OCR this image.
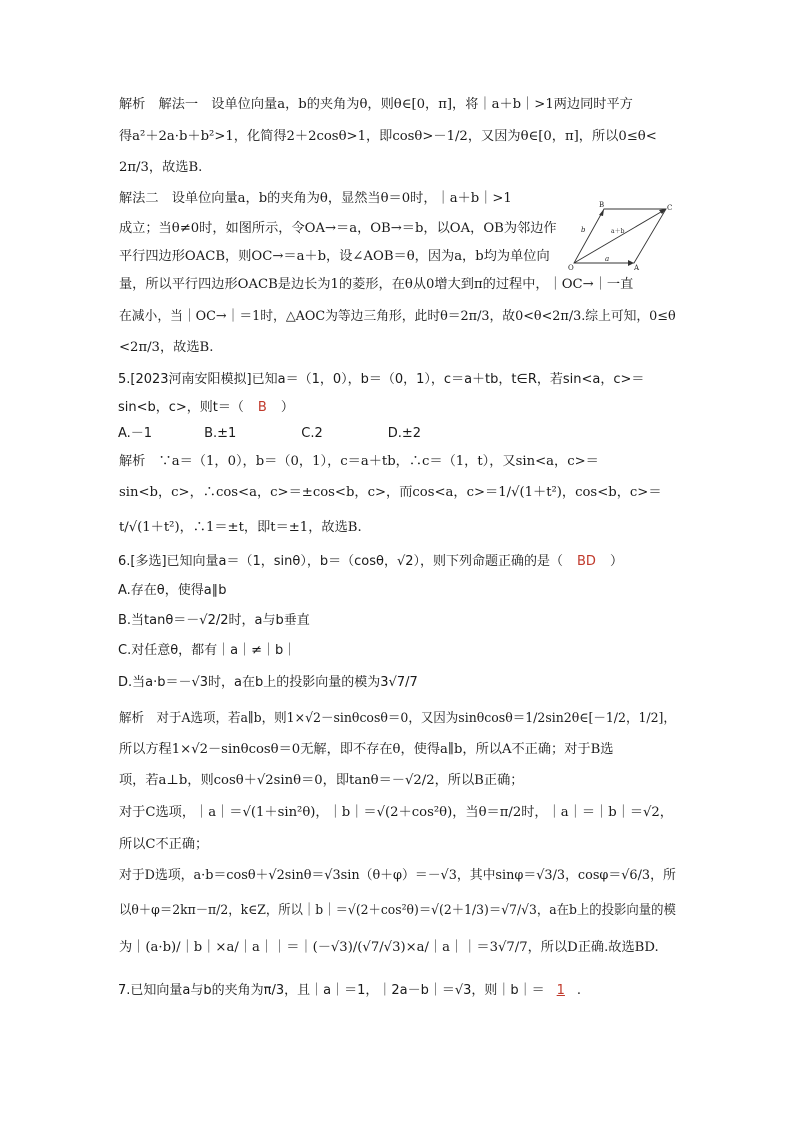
解析　解法一　设单位向量a，b的夹角为θ，则θ∈[0，π]，将｜a＋b｜>1两边同时平方
得a²＋2a·b＋b²>1，化简得2＋2cosθ>1，即cosθ>－1/2，又因为θ∈[0，π]，所以0≤θ<
2π/3，故选B.
解法二　设单位向量a，b的夹角为θ，显然当θ＝0时，｜a＋b｜>1
成立；当θ≠0时，如图所示，令OA→＝a，OB→＝b，以OA，OB为邻边作
平行四边形OACB，则OC→＝a＋b，设∠AOB＝θ，因为a，b均为单位向
量，所以平行四边形OACB是边长为1的菱形，在θ从0增大到π的过程中，｜OC→｜一直
在减小，当｜OC→｜＝1时，△AOC为等边三角形，此时θ＝2π/3，故0<θ<2π/3.综上可知，0≤θ
<2π/3，故选B.
B	C
O	A
a＋b
b
a
5.[2023河南安阳模拟]已知a＝（1，0），b＝（0，1），c＝a＋tb，t∈R，若sin<a，c>＝
sin<b，c>，则t＝（ B ）
A.－1　　　　B.±1　　　　　C.2　　　　　D.±2
解析　∵a＝（1，0），b＝（0，1），c＝a＋tb，∴c＝（1，t），又sin<a，c>＝
sin<b，c>，∴cos<a，c>＝±cos<b，c>，而cos<a，c>＝1/√(1＋t²)，cos<b，c>＝
t/√(1＋t²)，∴1＝±t，即t＝±1，故选B.
6.[多选]已知向量a＝（1，sinθ），b＝（cosθ，√2），则下列命题正确的是（ BD ）
A.存在θ，使得a∥b
B.当tanθ＝－√2/2时，a与b垂直
C.对任意θ，都有｜a｜≠｜b｜
D.当a·b＝－√3时，a在b上的投影向量的模为3√7/7
解析　对于A选项，若a∥b，则1×√2－sinθcosθ＝0，又因为sinθcosθ＝1/2sin2θ∈[－1/2，1/2]，
所以方程1×√2－sinθcosθ＝0无解，即不存在θ，使得a∥b，所以A不正确；对于B选
项，若a⊥b，则cosθ＋√2sinθ＝0，即tanθ＝－√2/2，所以B正确；
对于C选项，｜a｜＝√(1＋sin²θ)，｜b｜＝√(2＋cos²θ)，当θ＝π/2时，｜a｜＝｜b｜＝√2，
所以C不正确；
对于D选项，a·b＝cosθ＋√2sinθ＝√3sin（θ＋φ）＝－√3，其中sinφ＝√3/3，cosφ＝√6/3，所
以θ＋φ＝2kπ－π/2，k∈Z，所以｜b｜＝√(2＋cos²θ)＝√(2＋1/3)＝√7/√3，a在b上的投影向量的模
为｜(a·b)/｜b｜×a/｜a｜｜＝｜(－√3)/(√7/√3)×a/｜a｜｜＝3√7/7，所以D正确.故选BD.
7.已知向量a与b的夹角为π/3，且｜a｜＝1，｜2a－b｜＝√3，则｜b｜＝ 1 .
